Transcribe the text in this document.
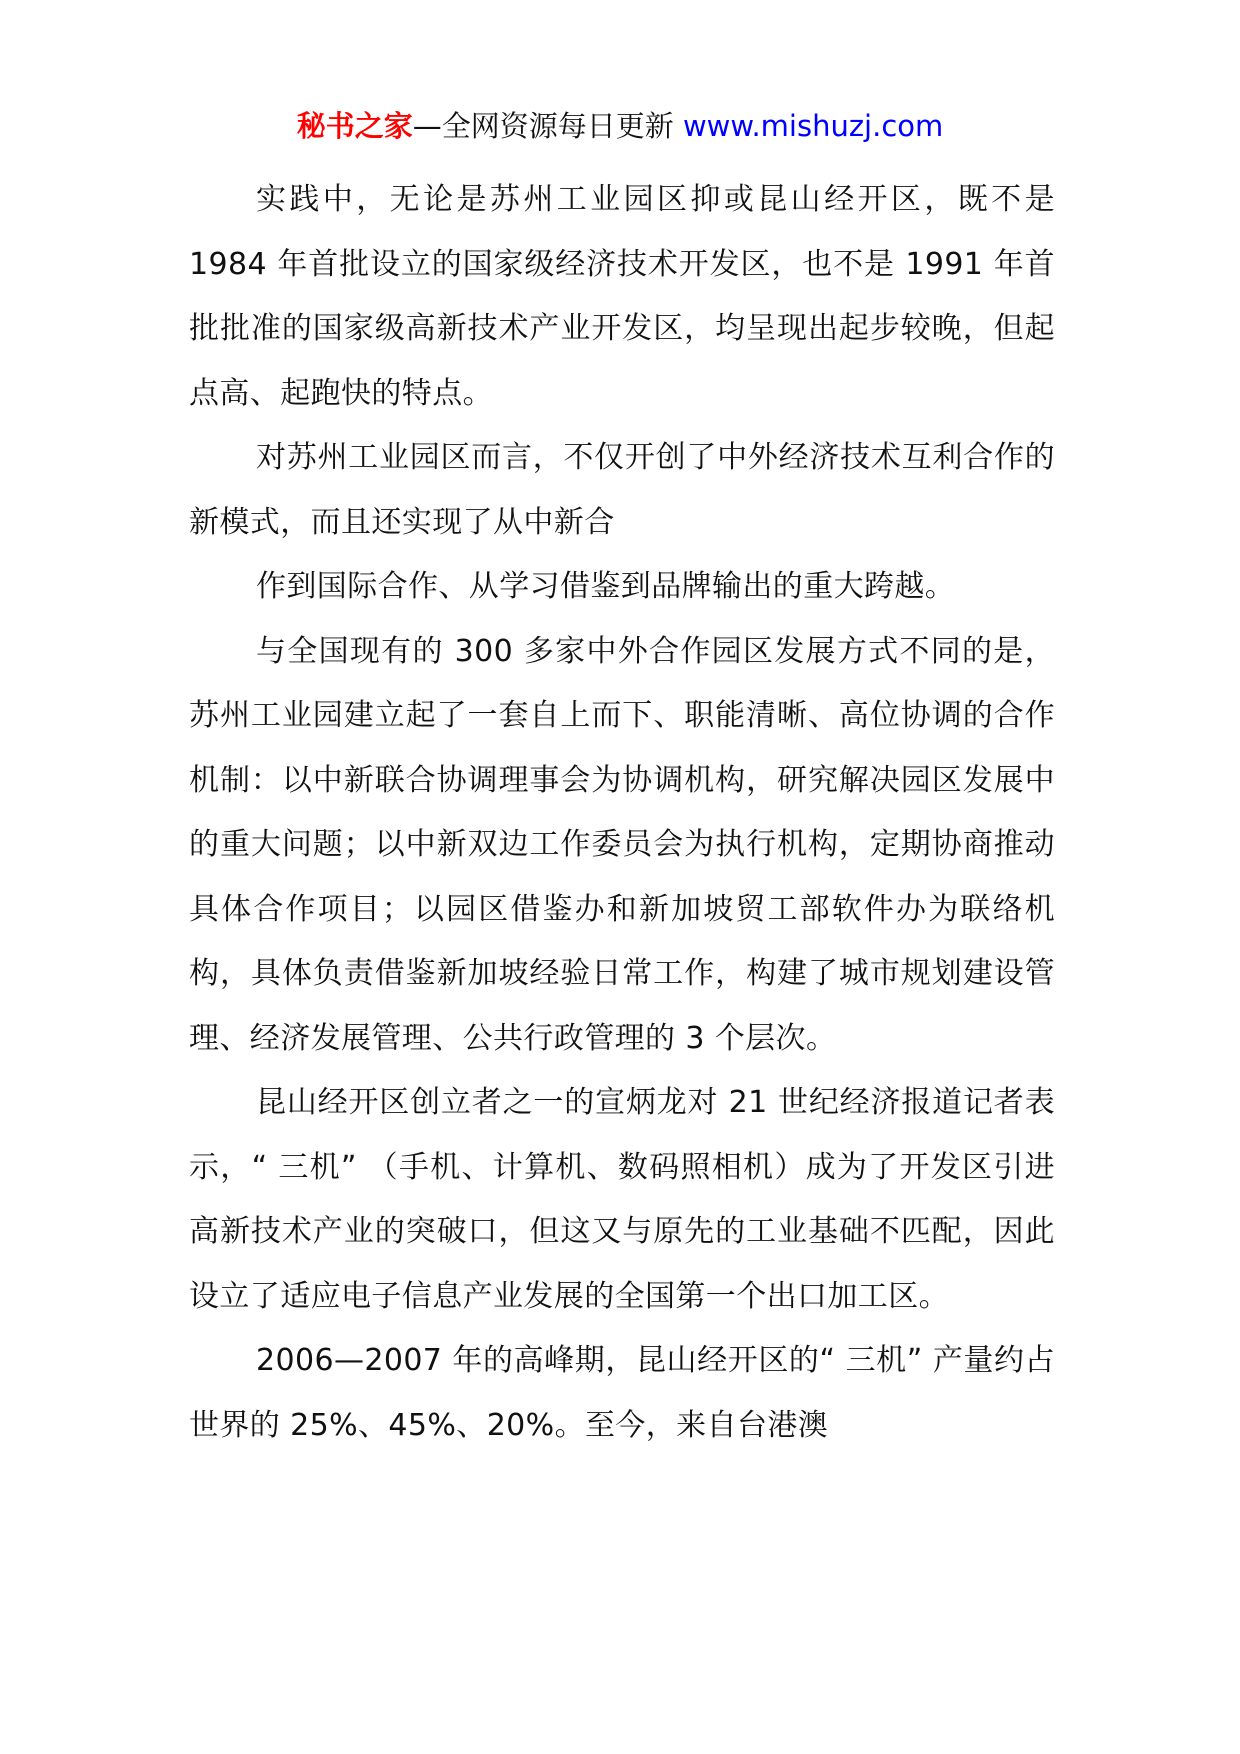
秘书之家—全网资源每日更新 www.mishuzj.com

实践中，无论是苏州工业园区抑或昆山经开区，既不是 1984 年首批设立的国家级经济技术开发区，也不是 1991 年首批批准的国家级高新技术产业开发区，均呈现出起步较晚，但起点高、起跑快的特点。

对苏州工业园区而言，不仅开创了中外经济技术互利合作的新模式，而且还实现了从中新合

作到国际合作、从学习借鉴到品牌输出的重大跨越。

与全国现有的 300 多家中外合作园区发展方式不同的是， 苏州工业园建立起了一套自上而下、职能清晰、高位协调的合作机制：以中新联合协调理事会为协调机构，研究解决园区发展中的重大问题；以中新双边工作委员会为执行机构，定期协商推动具体合作项目；以园区借鉴办和新加坡贸工部软件办为联络机构，具体负责借鉴新加坡经验日常工作，构建了城市规划建设管理、经济发展管理、公共行政管理的 3 个层次。

昆山经开区创立者之一的宣炳龙对 21 世纪经济报道记者表示，“ 三机” （手机、计算机、数码照相机）成为了开发区引进高新技术产业的突破口，但这又与原先的工业基础不匹配，因此设立了适应电子信息产业发展的全国第一个出口加工区。

2006—2007 年的高峰期，昆山经开区的“ 三机” 产量约占世界的 25%、45%、20%。至今，来自台港澳
